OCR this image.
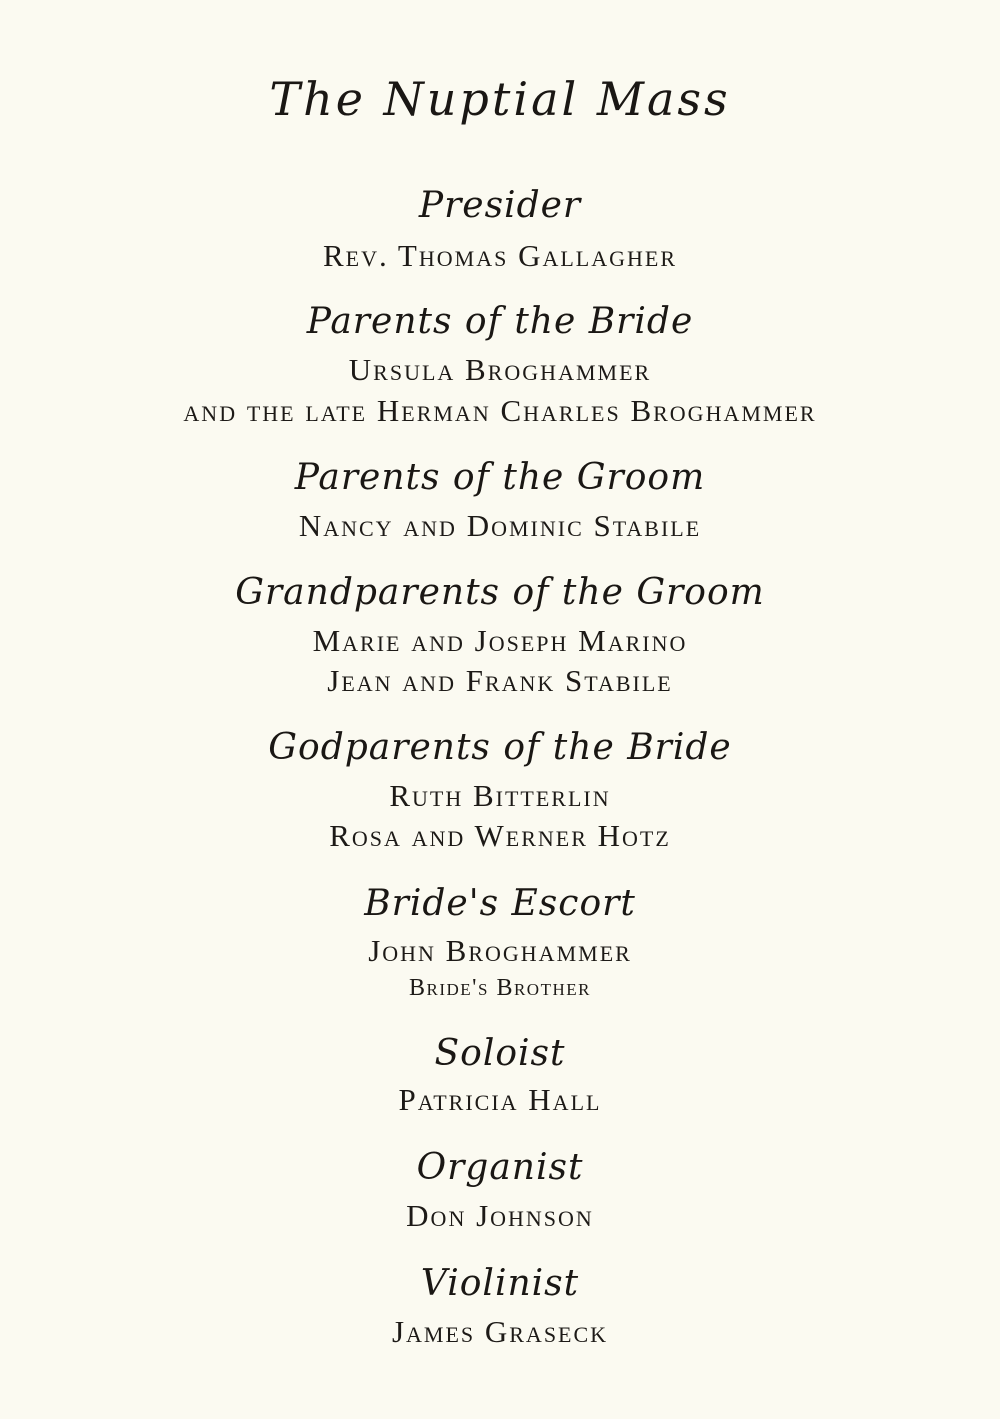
The Nuptial Mass
Presider
Rev. Thomas Gallagher
Parents of the Bride
Ursula Broghammer
and the late Herman Charles Broghammer
Parents of the Groom
Nancy and Dominic Stabile
Grandparents of the Groom
Marie and Joseph Marino
Jean and Frank Stabile
Godparents of the Bride
Ruth Bitterlin
Rosa and Werner Hotz
Bride's Escort
John Broghammer
Bride's Brother
Soloist
Patricia Hall
Organist
Don Johnson
Violinist
James Graseck
